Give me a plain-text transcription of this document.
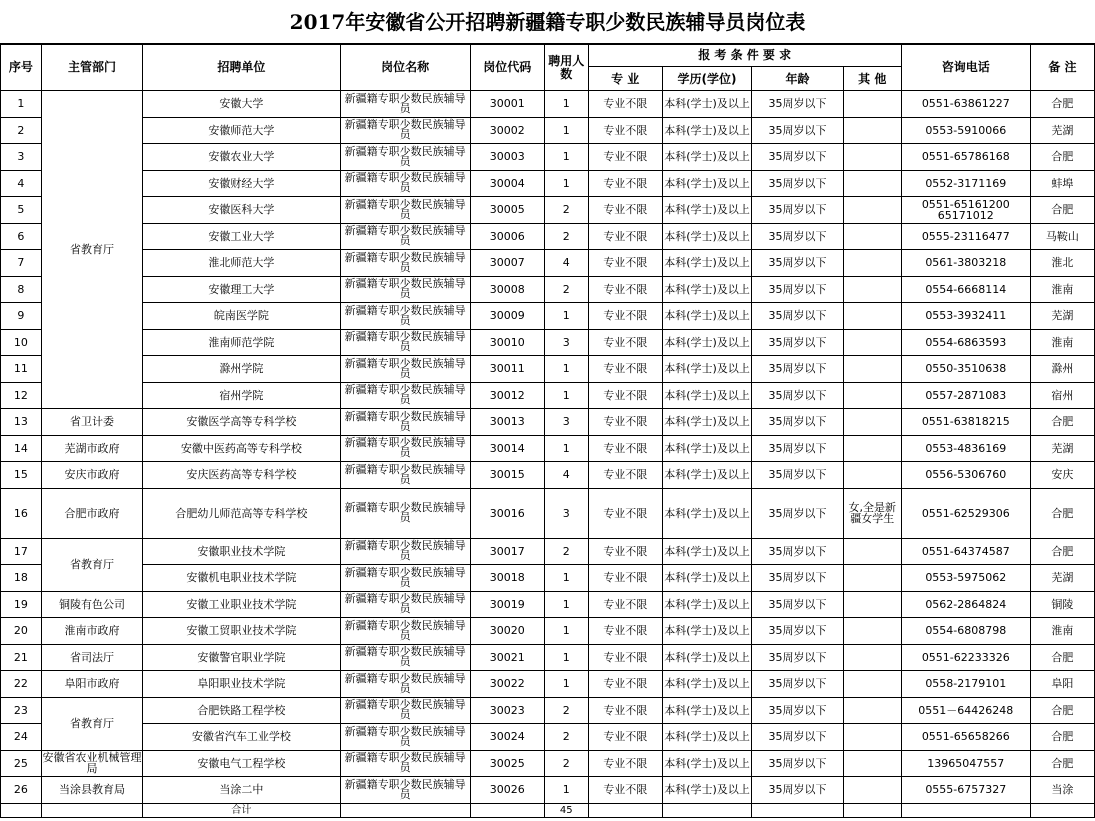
2017年安徽省公开招聘新疆籍专职少数民族辅导员岗位表
序号	主管部门	招聘单位	岗位名称	岗位代码	聘用人数	报 考 条 件 要 求				咨询电话	备 注
						专 业	学历(学位)	年龄	其 他		
1	省教育厅	安徽大学	新疆籍专职少数民族辅导员	30001	1	专业不限	本科(学士)及以上	35周岁以下		0551-63861227	合肥
2		安徽师范大学	新疆籍专职少数民族辅导员	30002	1	专业不限	本科(学士)及以上	35周岁以下		0553-5910066	芜湖
3		安徽农业大学	新疆籍专职少数民族辅导员	30003	1	专业不限	本科(学士)及以上	35周岁以下		0551-65786168	合肥
4		安徽财经大学	新疆籍专职少数民族辅导员	30004	1	专业不限	本科(学士)及以上	35周岁以下		0552-3171169	蚌埠
5		安徽医科大学	新疆籍专职少数民族辅导员	30005	2	专业不限	本科(学士)及以上	35周岁以下		0551-65161200 65171012	合肥
6		安徽工业大学	新疆籍专职少数民族辅导员	30006	2	专业不限	本科(学士)及以上	35周岁以下		0555-23116477	马鞍山
7		淮北师范大学	新疆籍专职少数民族辅导员	30007	4	专业不限	本科(学士)及以上	35周岁以下		0561-3803218	淮北
8		安徽理工大学	新疆籍专职少数民族辅导员	30008	2	专业不限	本科(学士)及以上	35周岁以下		0554-6668114	淮南
9		皖南医学院	新疆籍专职少数民族辅导员	30009	1	专业不限	本科(学士)及以上	35周岁以下		0553-3932411	芜湖
10		淮南师范学院	新疆籍专职少数民族辅导员	30010	3	专业不限	本科(学士)及以上	35周岁以下		0554-6863593	淮南
11		滁州学院	新疆籍专职少数民族辅导员	30011	1	专业不限	本科(学士)及以上	35周岁以下		0550-3510638	滁州
12		宿州学院	新疆籍专职少数民族辅导员	30012	1	专业不限	本科(学士)及以上	35周岁以下		0557-2871083	宿州
13	省卫计委	安徽医学高等专科学校	新疆籍专职少数民族辅导员	30013	3	专业不限	本科(学士)及以上	35周岁以下		0551-63818215	合肥
14	芜湖市政府	安徽中医药高等专科学校	新疆籍专职少数民族辅导员	30014	1	专业不限	本科(学士)及以上	35周岁以下		0553-4836169	芜湖
15	安庆市政府	安庆医药高等专科学校	新疆籍专职少数民族辅导员	30015	4	专业不限	本科(学士)及以上	35周岁以下		0556-5306760	安庆
16	合肥市政府	合肥幼儿师范高等专科学校	新疆籍专职少数民族辅导员	30016	3	专业不限	本科(学士)及以上	35周岁以下	女,全是新疆女学生	0551-62529306	合肥
17	省教育厅	安徽职业技术学院	新疆籍专职少数民族辅导员	30017	2	专业不限	本科(学士)及以上	35周岁以下		0551-64374587	合肥
18		安徽机电职业技术学院	新疆籍专职少数民族辅导员	30018	1	专业不限	本科(学士)及以上	35周岁以下		0553-5975062	芜湖
19	铜陵有色公司	安徽工业职业技术学院	新疆籍专职少数民族辅导员	30019	1	专业不限	本科(学士)及以上	35周岁以下		0562-2864824	铜陵
20	淮南市政府	安徽工贸职业技术学院	新疆籍专职少数民族辅导员	30020	1	专业不限	本科(学士)及以上	35周岁以下		0554-6808798	淮南
21	省司法厅	安徽警官职业学院	新疆籍专职少数民族辅导员	30021	1	专业不限	本科(学士)及以上	35周岁以下		0551-62233326	合肥
22	阜阳市政府	阜阳职业技术学院	新疆籍专职少数民族辅导员	30022	1	专业不限	本科(学士)及以上	35周岁以下		0558-2179101	阜阳
23	省教育厅	合肥铁路工程学校	新疆籍专职少数民族辅导员	30023	2	专业不限	本科(学士)及以上	35周岁以下		0551－64426248	合肥
24		安徽省汽车工业学校	新疆籍专职少数民族辅导员	30024	2	专业不限	本科(学士)及以上	35周岁以下		0551-65658266	合肥
25	安徽省农业机械管理局	安徽电气工程学校	新疆籍专职少数民族辅导员	30025	2	专业不限	本科(学士)及以上	35周岁以下		13965047557	合肥
26	当涂县教育局	当涂二中	新疆籍专职少数民族辅导员	30026	1	专业不限	本科(学士)及以上	35周岁以下		0555-6757327	当涂
		合计			45						
